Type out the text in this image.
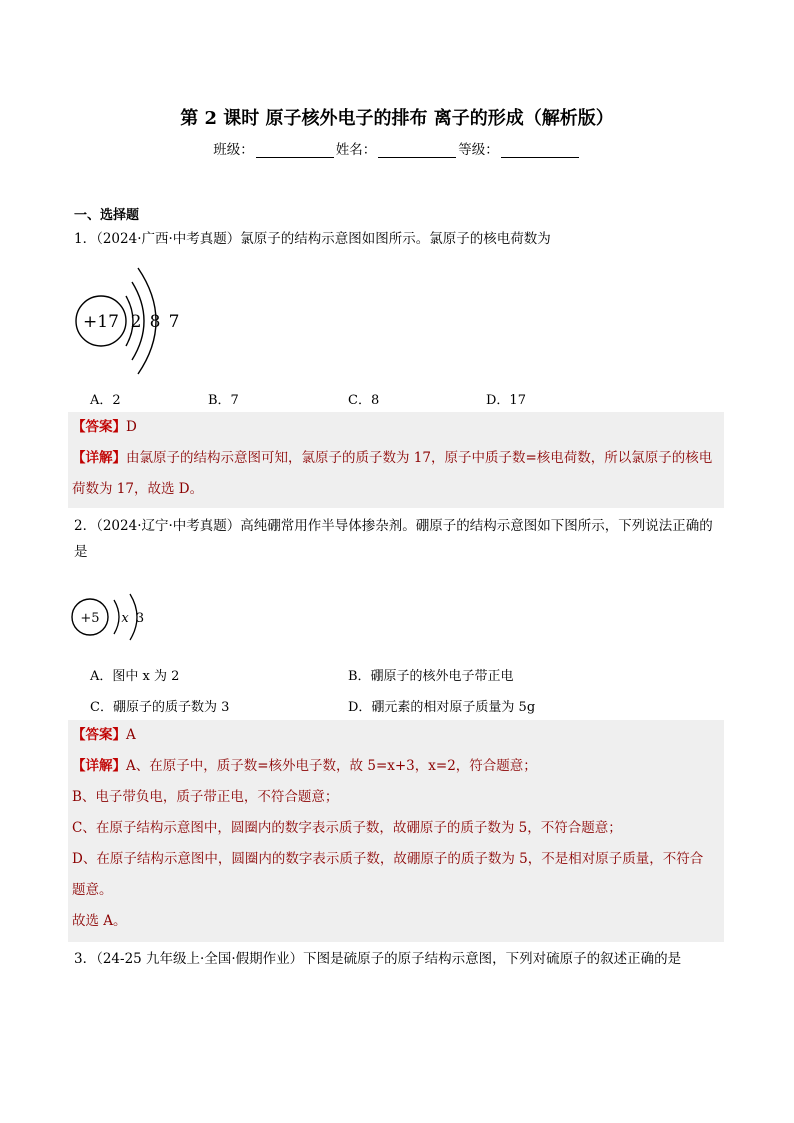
第 2 课时 原子核外电子的排布 离子的形成（解析版）
班级：	姓名：	等级：
一、选择题
1．（2024·广西·中考真题）氯原子的结构示意图如图所示。氯原子的核电荷数为
+17 2 8 7
A．2	B．7	C．8	D．17
【答案】D
【详解】由氯原子的结构示意图可知，氯原子的质子数为 17，原子中质子数=核电荷数，所以氯原子的核电
荷数为 17，故选 D。
2．（2024·辽宁·中考真题）高纯硼常用作半导体掺杂剂。硼原子的结构示意图如下图所示，下列说法正确的
是
+5 x 3
A．图中 x 为 2	B．硼原子的核外电子带正电
C．硼原子的质子数为 3	D．硼元素的相对原子质量为 5g
【答案】A
【详解】A、在原子中，质子数=核外电子数，故 5=x+3，x=2，符合题意；
B、电子带负电，质子带正电，不符合题意；
C、在原子结构示意图中，圆圈内的数字表示质子数，故硼原子的质子数为 5，不符合题意；
D、在原子结构示意图中，圆圈内的数字表示质子数，故硼原子的质子数为 5，不是相对原子质量，不符合
题意。
故选 A。
3．（24-25 九年级上·全国·假期作业）下图是硫原子的原子结构示意图，下列对硫原子的叙述正确的是
